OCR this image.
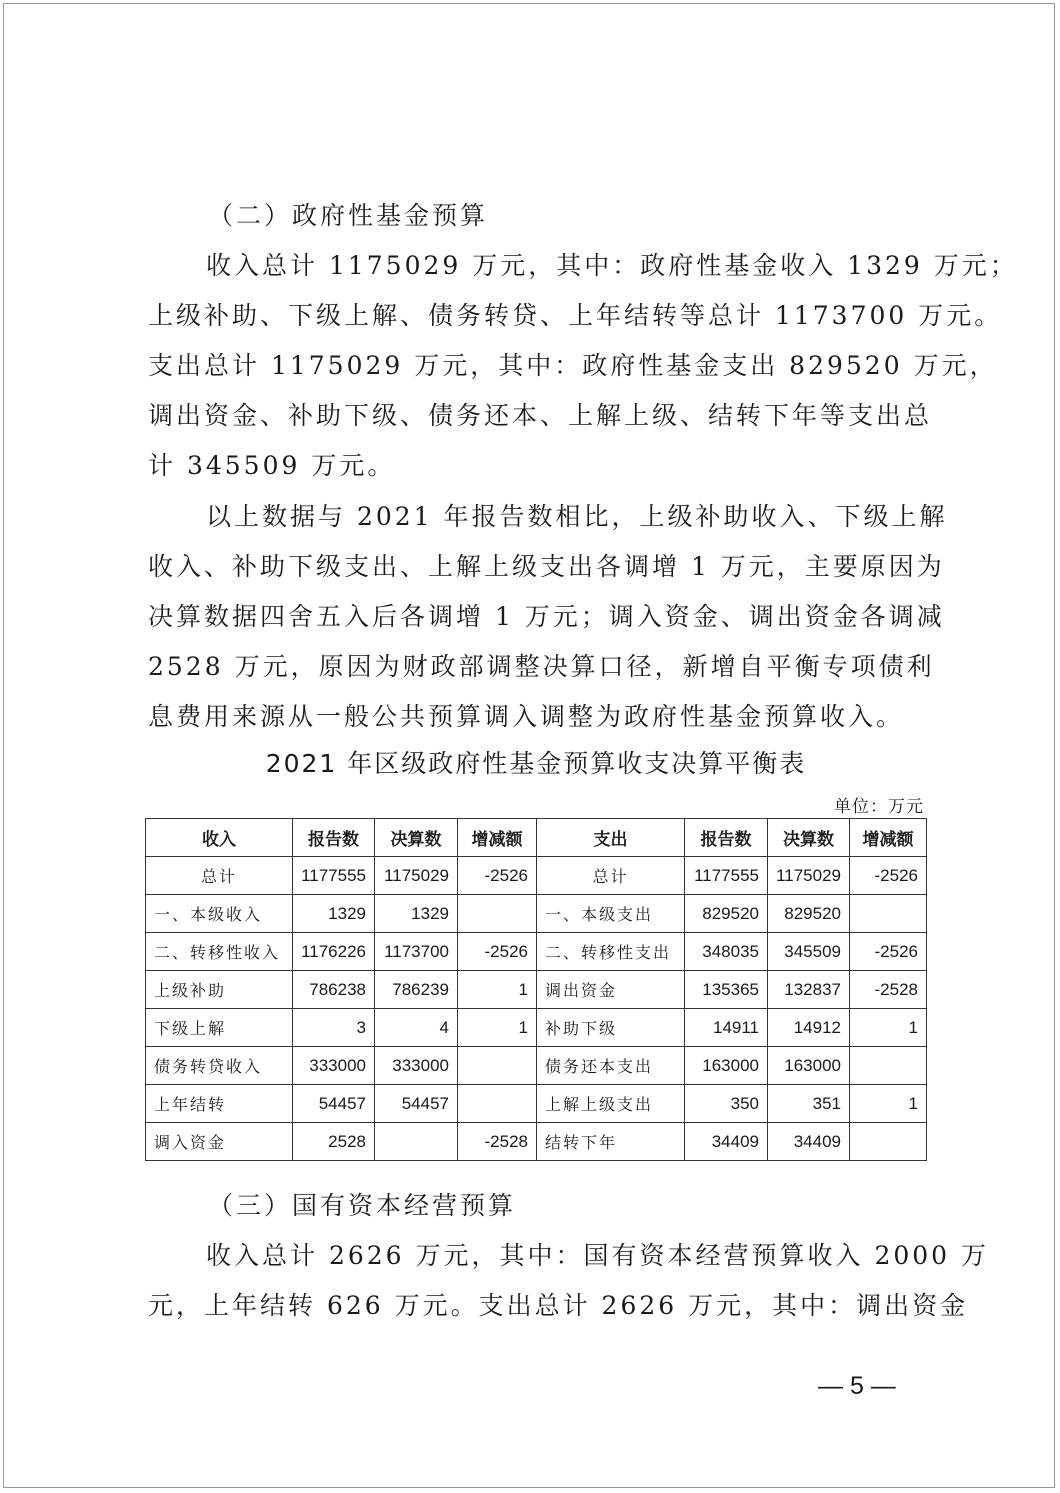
（二）政府性基金预算
收入总计 1175029 万元，其中：政府性基金收入 1329 万元；
上级补助、下级上解、债务转贷、上年结转等总计 1173700 万元。
支出总计 1175029 万元，其中：政府性基金支出 829520 万元，
调出资金、补助下级、债务还本、上解上级、结转下年等支出总
计 345509 万元。
以上数据与 2021 年报告数相比，上级补助收入、下级上解
收入、补助下级支出、上解上级支出各调增 1 万元，主要原因为
决算数据四舍五入后各调增 1 万元；调入资金、调出资金各调减
2528 万元，原因为财政部调整决算口径，新增自平衡专项债利
息费用来源从一般公共预算调入调整为政府性基金预算收入。
2021 年区级政府性基金预算收支决算平衡表
单位：万元
收入	报告数	决算数	增减额	支出	报告数	决算数	增减额
总计	1177555	1175029	-2526	总计	1177555	1175029	-2526
一、本级收入	1329	1329		一、本级支出	829520	829520	
二、转移性收入	1176226	1173700	-2526	二、转移性支出	348035	345509	-2526
上级补助	786238	786239	1	调出资金	135365	132837	-2528
下级上解	3	4	1	补助下级	14911	14912	1
债务转贷收入	333000	333000		债务还本支出	163000	163000	
上年结转	54457	54457		上解上级支出	350	351	1
调入资金	2528		-2528	结转下年	34409	34409	
（三）国有资本经营预算
收入总计 2626 万元，其中：国有资本经营预算收入 2000 万
元，上年结转 626 万元。支出总计 2626 万元，其中：调出资金
— 5 —
